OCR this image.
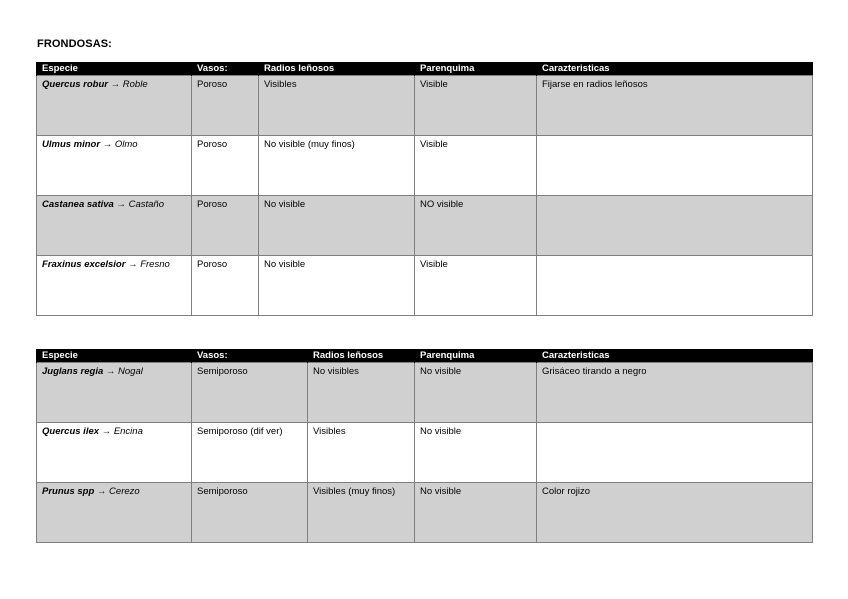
FRONDOSAS:
Especie	Vasos:	Radios leñosos	Parenquima	Carazteristicas
Quercus robur → Roble	Poroso	Visibles	Visible	Fijarse en radios leñosos
Ulmus minor → Olmo	Poroso	No visible (muy finos)	Visible	
Castanea sativa → Castaño	Poroso	No visible	NO visible	
Fraxinus excelsior → Fresno	Poroso	No visible	Visible	
Especie	Vasos:	Radios leñosos	Parenquima	Carazteristicas
Juglans regia → Nogal	Semiporoso	No visibles	No visible	Grisáceo tirando a negro
Quercus ilex → Encina	Semiporoso (dif ver)	Visibles	No visible	
Prunus spp → Cerezo	Semiporoso	Visibles (muy finos)	No visible	Color rojizo
